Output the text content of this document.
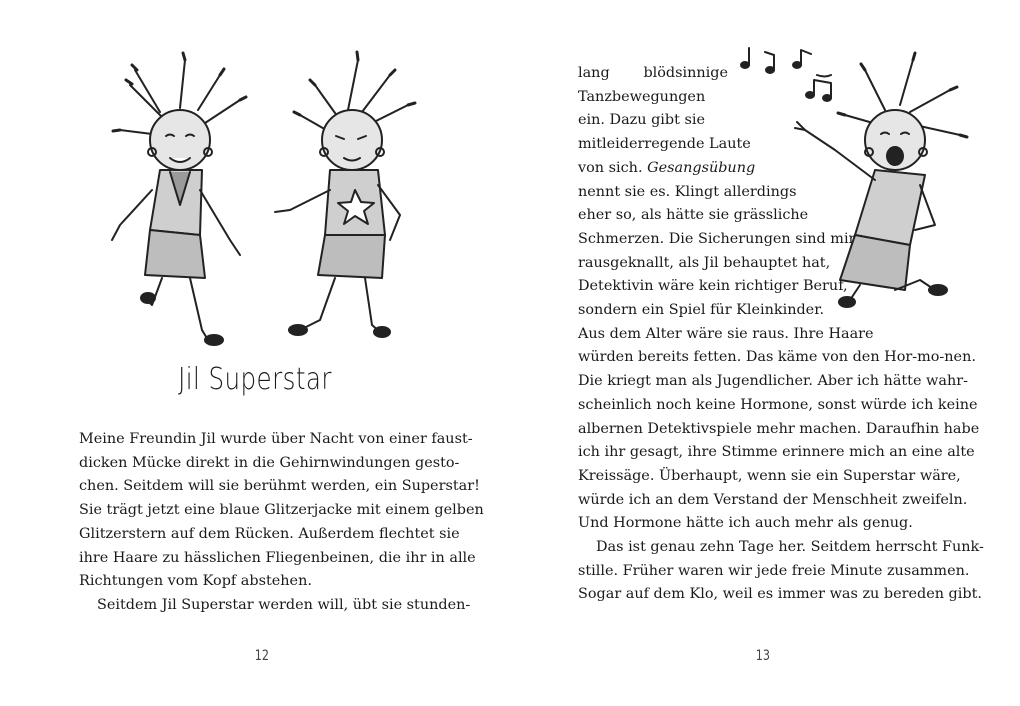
Jil Superstar
Meine Freundin Jil wurde über Nacht von einer faust-
dicken Mücke direkt in die Gehirnwindungen gesto-
chen. Seitdem will sie berühmt werden, ein Superstar!
Sie trägt jetzt eine blaue Glitzerjacke mit einem gelben
Glitzerstern auf dem Rücken. Außerdem flechtet sie
ihre Haare zu hässlichen Fliegenbeinen, die ihr in alle
Richtungen vom Kopf abstehen.
Seitdem Jil Superstar werden will, übt sie stunden-
12
lang blödsinnige
Tanzbewegungen
ein. Dazu gibt sie
mitleiderregende Laute
von sich. Gesangsübung
nennt sie es. Klingt allerdings
eher so, als hätte sie grässliche
Schmerzen. Die Sicherungen sind mir
rausgeknallt, als Jil behauptet hat,
Detektivin wäre kein richtiger Beruf,
sondern ein Spiel für Kleinkinder.
Aus dem Alter wäre sie raus. Ihre Haare
würden bereits fetten. Das käme von den Hor-mo-nen.
Die kriegt man als Jugendlicher. Aber ich hätte wahr-
scheinlich noch keine Hormone, sonst würde ich keine
albernen Detektivspiele mehr machen. Daraufhin habe
ich ihr gesagt, ihre Stimme erinnere mich an eine alte
Kreissäge. Überhaupt, wenn sie ein Superstar wäre,
würde ich an dem Verstand der Menschheit zweifeln.
Und Hormone hätte ich auch mehr als genug.
Das ist genau zehn Tage her. Seitdem herrscht Funk-
stille. Früher waren wir jede freie Minute zusammen.
Sogar auf dem Klo, weil es immer was zu bereden gibt.
13
